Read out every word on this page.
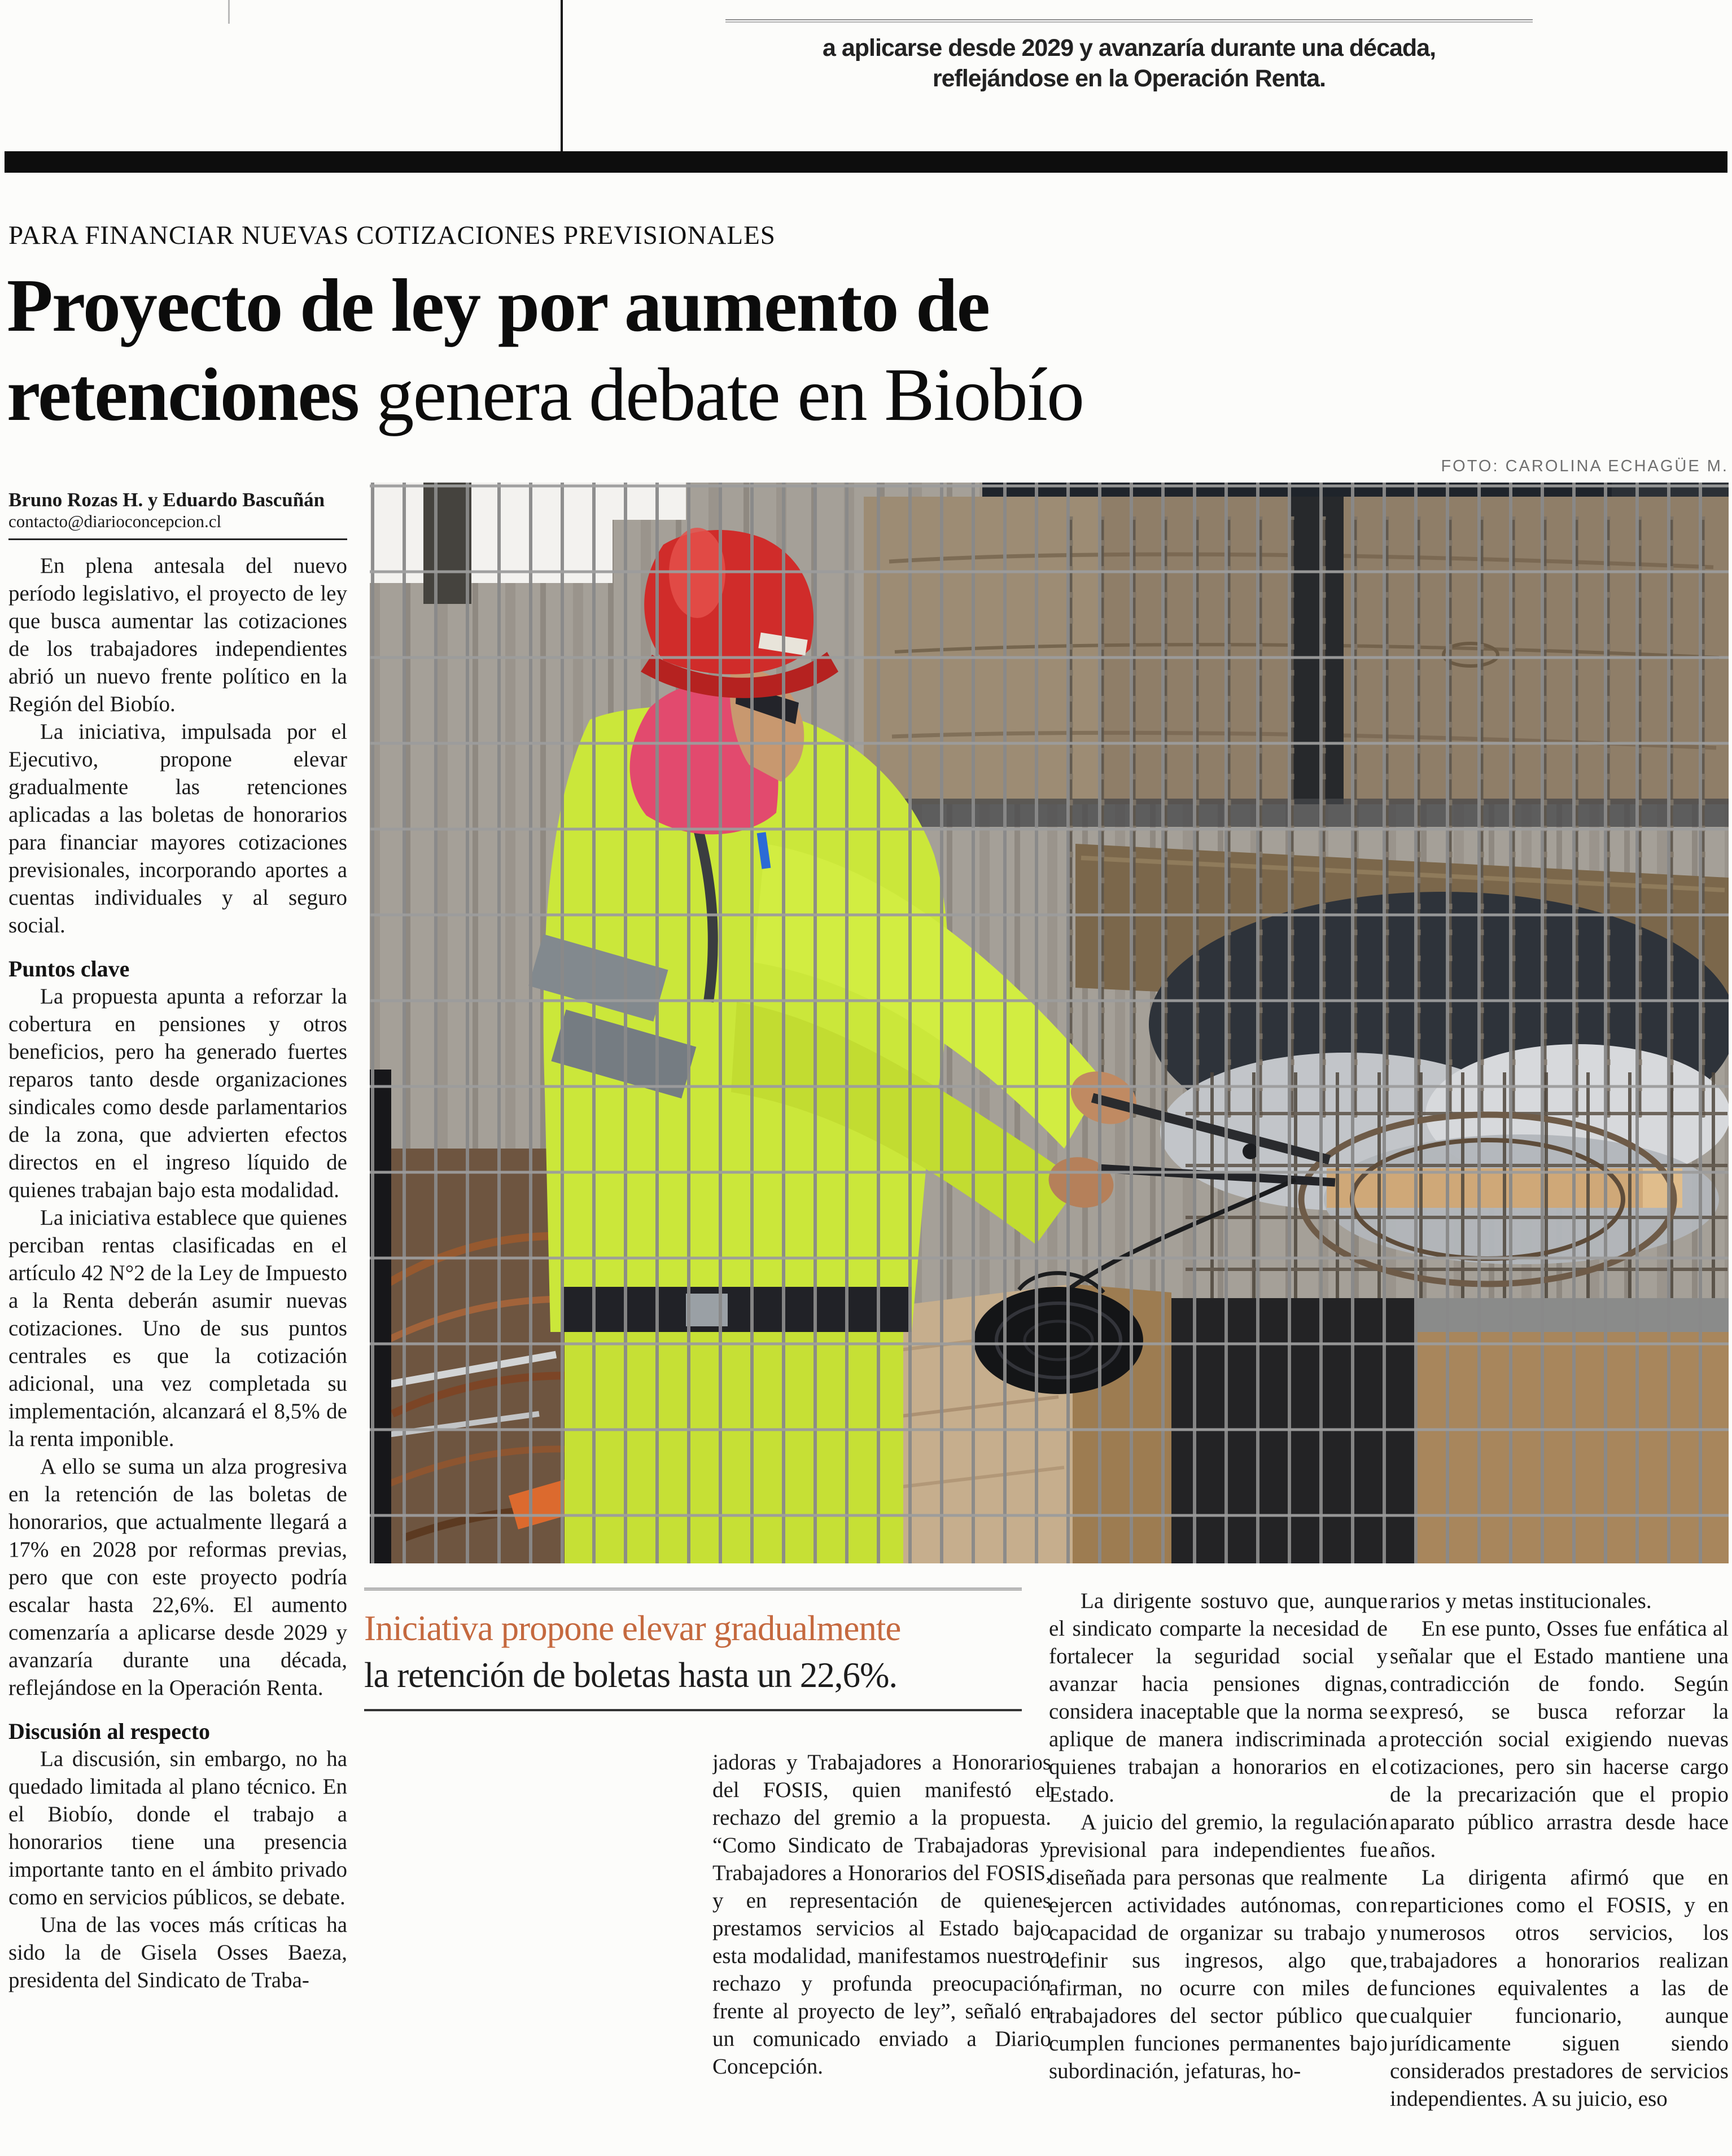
a aplicarse desde 2029 y avanzaría durante una década,
reflejándose en la Operación Renta.
PARA FINANCIAR NUEVAS COTIZACIONES PREVISIONALES
Proyecto de ley por aumento de
retenciones genera debate en Biobío
FOTO: CAROLINA ECHAGÜE M.
Bruno Rozas H. y Eduardo Bascuñán
contacto@diarioconcepcion.cl

En plena antesala del nuevo período legislativo, el proyecto de ley que busca aumentar las cotizaciones de los trabajadores independientes abrió un nuevo frente político en la Región del Biobío.

La iniciativa, impulsada por el Ejecutivo, propone elevar gradualmente las retenciones aplicadas a las boletas de honorarios para financiar mayores cotizaciones previsionales, incorporando aportes a cuentas individuales y al seguro social.

Puntos clave

La propuesta apunta a reforzar la cobertura en pensiones y otros beneficios, pero ha generado fuertes reparos tanto desde organizaciones sindicales como desde parlamentarios de la zona, que advierten efectos directos en el ingreso líquido de quienes trabajan bajo esta modalidad.

La iniciativa establece que quienes perciban rentas clasificadas en el artículo 42 N°2 de la Ley de Impuesto a la Renta deberán asumir nuevas cotizaciones. Uno de sus puntos centrales es que la cotización adicional, una vez completada su implementación, alcanzará el 8,5% de la renta imponible.

A ello se suma un alza progresiva en la retención de las boletas de honorarios, que actualmente llegará a 17% en 2028 por reformas previas, pero que con este proyecto podría escalar hasta 22,6%. El aumento comenzaría a aplicarse desde 2029 y avanzaría durante una década, reflejándose en la Operación Renta.

Discusión al respecto

La discusión, sin embargo, no ha quedado limitada al plano técnico. En el Biobío, donde el trabajo a honorarios tiene una presencia importante tanto en el ámbito privado como en servicios públicos, se debate.

Una de las voces más críticas ha sido la de Gisela Osses Baeza, presidenta del Sindicato de Traba-

Iniciativa propone elevar gradualmente
la retención de boletas hasta un 22,6%.

jadoras y Trabajadores a Honorarios del FOSIS, quien manifestó el rechazo del gremio a la propuesta. “Como Sindicato de Trabajadoras y Trabajadores a Honorarios del FOSIS, y en representación de quienes prestamos servicios al Estado bajo esta modalidad, manifestamos nuestro rechazo y profunda preocupación frente al proyecto de ley”, señaló en un comunicado enviado a Diario Concepción.

La dirigente sostuvo que, aunque el sindicato comparte la necesidad de fortalecer la seguridad social y avanzar hacia pensiones dignas, considera inaceptable que la norma se aplique de manera indiscriminada a quienes trabajan a honorarios en el Estado.

A juicio del gremio, la regulación previsional para independientes fue diseñada para personas que realmente ejercen actividades autónomas, con capacidad de organizar su trabajo y definir sus ingresos, algo que, afirman, no ocurre con miles de trabajadores del sector público que cumplen funciones permanentes bajo subordinación, jefaturas, ho-

rarios y metas institucionales.

En ese punto, Osses fue enfática al señalar que el Estado mantiene una contradicción de fondo. Según expresó, se busca reforzar la protección social exigiendo nuevas cotizaciones, pero sin hacerse cargo de la precarización que el propio aparato público arrastra desde hace años.

La dirigenta afirmó que en reparticiones como el FOSIS, y en numerosos otros servicios, los trabajadores a honorarios realizan funciones equivalentes a las de cualquier funcionario, aunque jurídicamente siguen siendo considerados prestadores de servicios independientes. A su juicio, eso
